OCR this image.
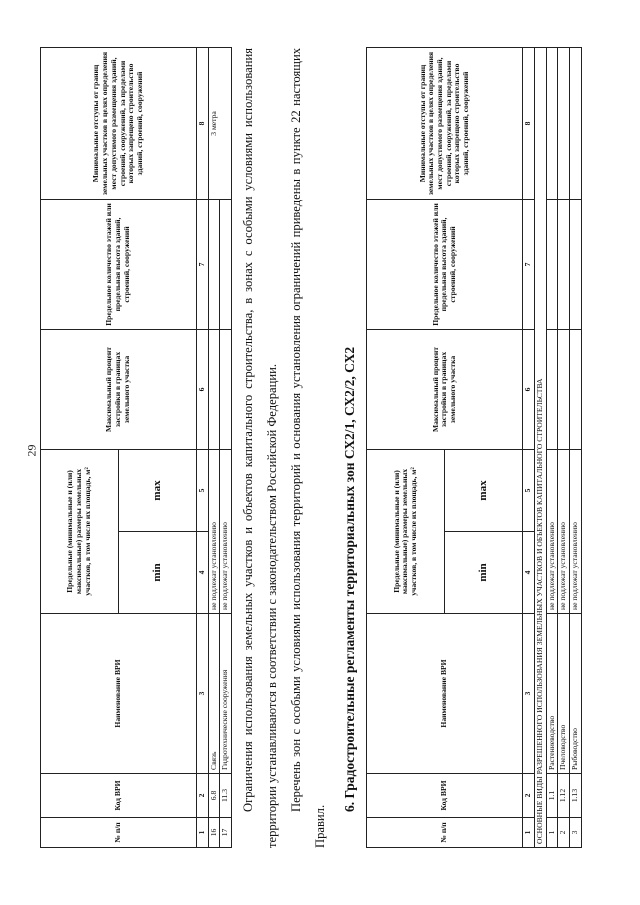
29
№ п/п	Код ВРИ	Наименование ВРИ	Предельные (минимальные и (или) максимальные) размеры земельных участков, в том числе их площадь, м²		Максимальный процент застройки в границах земельного участка	Предельное количество этажей или предельная высота зданий, строений, сооружений	Минимальные отступы от границ земельных участков в целях определения мест допустимого размещения зданий, строений, сооружений, за пределами которых запрещено строительство зданий, строений, сооружений
			min	max			
1	2	3	4	5	6	7	8
16	6.8	Связь	не подлежат установлению				3 метра
17	11.3	Гидротехнические сооружения	не подлежат установлению				Ограничения использования земельных участков и объектов капитального строительства, в зонах с особыми условиями использования территории устанавливаются в соответствии с законодательством Российской Федерации. Перечень зон с особыми условиями использования территорий и основания установления ограничений приведены в пункте 22 настоящих Правил.

6. Градостроительные регламенты территориальных зон СХ2/1, СХ2/2, СХ2
№ п/п	Код ВРИ	Наименование ВРИ	Предельные (минимальные и (или) максимальные) размеры земельных участков, в том числе их площадь, м²		Максимальный процент застройки в границах земельного участка	Предельное количество этажей или предельная высота зданий, строений, сооружений	Минимальные отступы от границ земельных участков в целях определения мест допустимого размещения зданий, строений, сооружений, за пределами которых запрещено строительство зданий, строений, сооружений
			min	max			
1	2	3	4	5	6	7	8
ОСНОВНЫЕ ВИДЫ РАЗРЕШЕННОГО ИСПОЛЬЗОВАНИЯ ЗЕМЕЛЬНЫХ УЧАСТКОВ И ОБЪЕКТОВ КАПИТАЛЬНОГО СТРОИТЕЛЬСТВА							
1	1.1	Растениеводство	не подлежат установлению				
2	1.12	Пчеловодство	не подлежат установлению				
3	1.13	Рыбоводство	не подлежат установлению				
